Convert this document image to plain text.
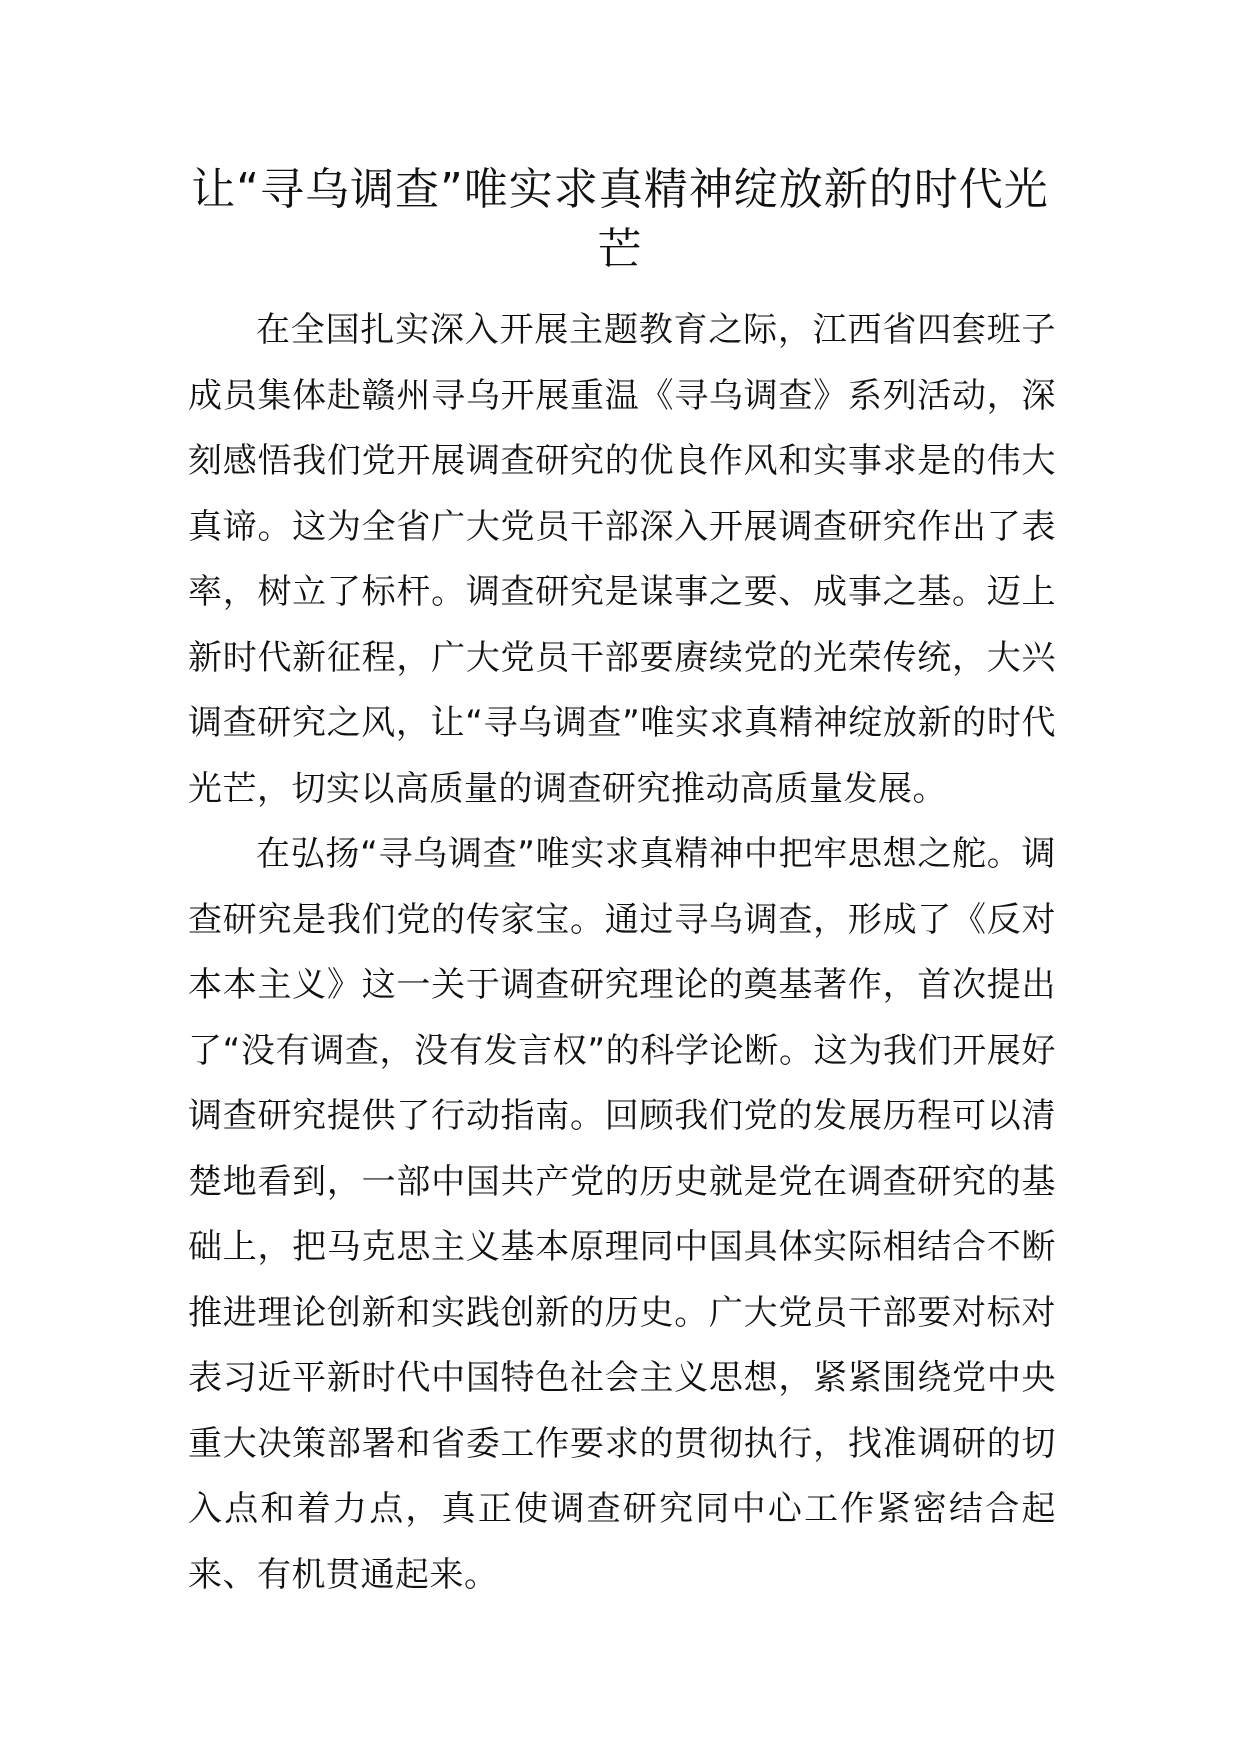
让“寻乌调查”唯实求真精神绽放新的时代光芒

在全国扎实深入开展主题教育之际，江西省四套班子成员集体赴赣州寻乌开展重温《寻乌调查》系列活动，深刻感悟我们党开展调查研究的优良作风和实事求是的伟大真谛。这为全省广大党员干部深入开展调查研究作出了表率，树立了标杆。调查研究是谋事之要、成事之基。迈上新时代新征程，广大党员干部要赓续党的光荣传统，大兴调查研究之风，让“寻乌调查”唯实求真精神绽放新的时代光芒，切实以高质量的调查研究推动高质量发展。

在弘扬“寻乌调查”唯实求真精神中把牢思想之舵。调查研究是我们党的传家宝。通过寻乌调查，形成了《反对本本主义》这一关于调查研究理论的奠基著作，首次提出了“没有调查，没有发言权”的科学论断。这为我们开展好调查研究提供了行动指南。回顾我们党的发展历程可以清楚地看到，一部中国共产党的历史就是党在调查研究的基础上，把马克思主义基本原理同中国具体实际相结合不断推进理论创新和实践创新的历史。广大党员干部要对标对表习近平新时代中国特色社会主义思想，紧紧围绕党中央重大决策部署和省委工作要求的贯彻执行，找准调研的切入点和着力点，真正使调查研究同中心工作紧密结合起来、有机贯通起来。
